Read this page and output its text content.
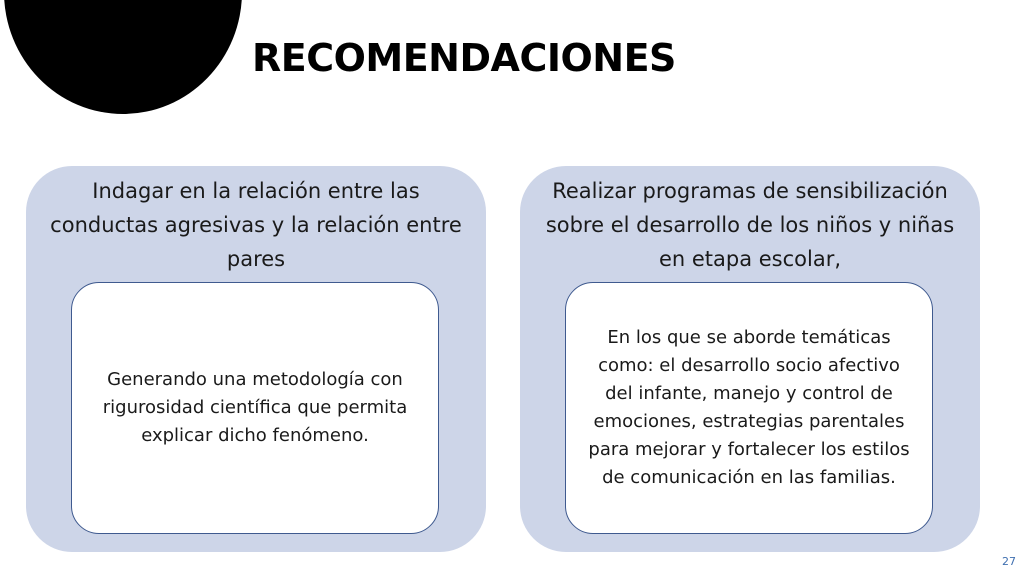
RECOMENDACIONES

Indagar en la relación entre las conductas agresivas y la relación entre pares

Generando una metodología con rigurosidad científica que permita explicar dicho fenómeno.

Realizar programas de sensibilización sobre el desarrollo de los niños y niñas en etapa escolar,

En los que se aborde temáticas como: el desarrollo socio afectivo del infante, manejo y control de emociones, estrategias parentales para mejorar y fortalecer los estilos de comunicación en las familias.

27
